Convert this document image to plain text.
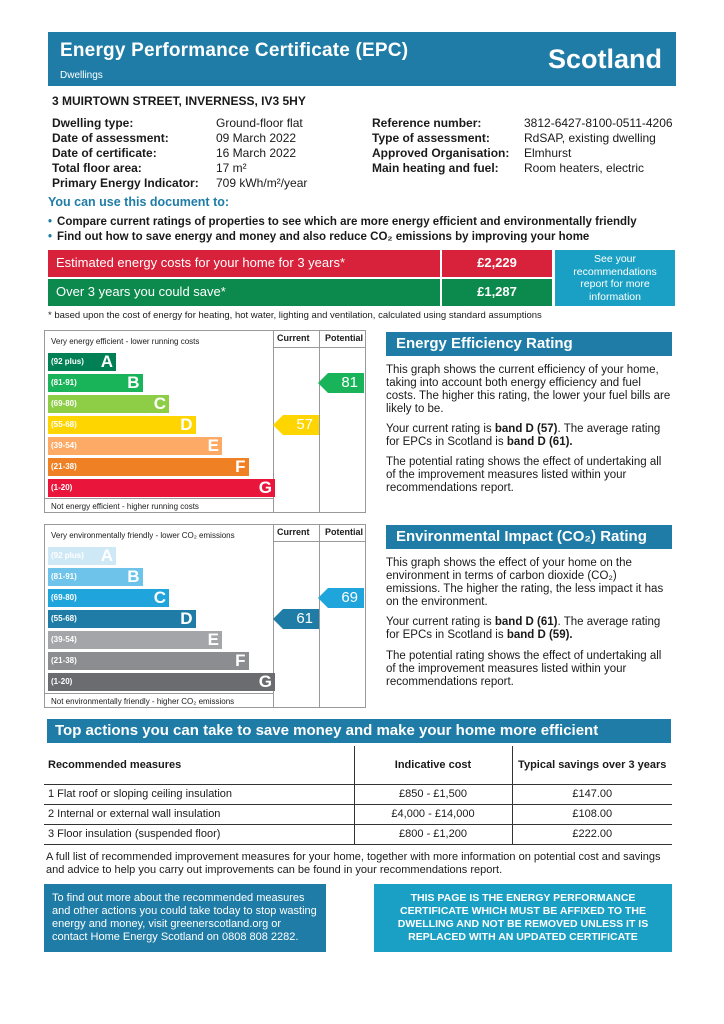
Energy Performance Certificate (EPC)
Dwellings
Scotland
3 MUIRTOWN STREET, INVERNESS, IV3 5HY
Dwelling type:	Ground-floor flat
Date of assessment:	09 March 2022
Date of certificate:	16 March 2022
Total floor area:	17 m²
Primary Energy Indicator: 709 kWh/m²/year
Reference number:	3812-6427-8100-0511-4206
Type of assessment:	RdSAP, existing dwelling
Approved Organisation: Elmhurst
Main heating and fuel: Room heaters, electric
You can use this document to:
• Compare current ratings of properties to see which are more energy efficient and environmentally friendly
• Find out how to save energy and money and also reduce CO₂ emissions by improving your home
Estimated energy costs for your home for 3 years*	£2,229
Over 3 years you could save*	£1,287
See your recommendations report for more information
* based upon the cost of energy for heating, hot water, lighting and ventilation, calculated using standard assumptions
Current Potential
Very energy efficient - lower running costs
Not energy efficient - higher running costs
(92 plus) A
(81-91)	B
(69-80)	C
(55-68)	D
(39-54)	E
(21-38)	F
(1-20)	G
57
81
Current Potential
Very environmentally friendly - lower CO₂ emissions
Not environmentally friendly - higher CO₂ emissions
(92 plus) A
(81-91)	B
(69-80)	C
(55-68)	D
(39-54)	E
(21-38)	F
(1-20)	G
61
69
Energy Efficiency Rating
This graph shows the current efficiency of your home, taking into account both energy efficiency and fuel costs. The higher this rating, the lower your fuel bills are likely to be.
Your current rating is band D (57). The average rating for EPCs in Scotland is band D (61).
The potential rating shows the effect of undertaking all of the improvement measures listed within your recommendations report.
Environmental Impact (CO₂) Rating
This graph shows the effect of your home on the environment in terms of carbon dioxide (CO₂) emissions. The higher the rating, the less impact it has on the environment.
Your current rating is band D (61). The average rating for EPCs in Scotland is band D (59).
The potential rating shows the effect of undertaking all of the improvement measures listed within your recommendations report.
Top actions you can take to save money and make your home more efficient
Recommended measures	Indicative cost	Typical savings over 3 years
1 Flat roof or sloping ceiling insulation	£850 - £1,500	£147.00
2 Internal or external wall insulation	£4,000 - £14,000	£108.00
3 Floor insulation (suspended floor)	£800 - £1,200	£222.00
A full list of recommended improvement measures for your home, together with more information on potential cost and savings and advice to help you carry out improvements can be found in your recommendations report.
To find out more about the recommended measures and other actions you could take today to stop wasting energy and money, visit greenerscotland.org or contact Home Energy Scotland on 0808 808 2282.
THIS PAGE IS THE ENERGY PERFORMANCE CERTIFICATE WHICH MUST BE AFFIXED TO THE DWELLING AND NOT BE REMOVED UNLESS IT IS REPLACED WITH AN UPDATED CERTIFICATE
